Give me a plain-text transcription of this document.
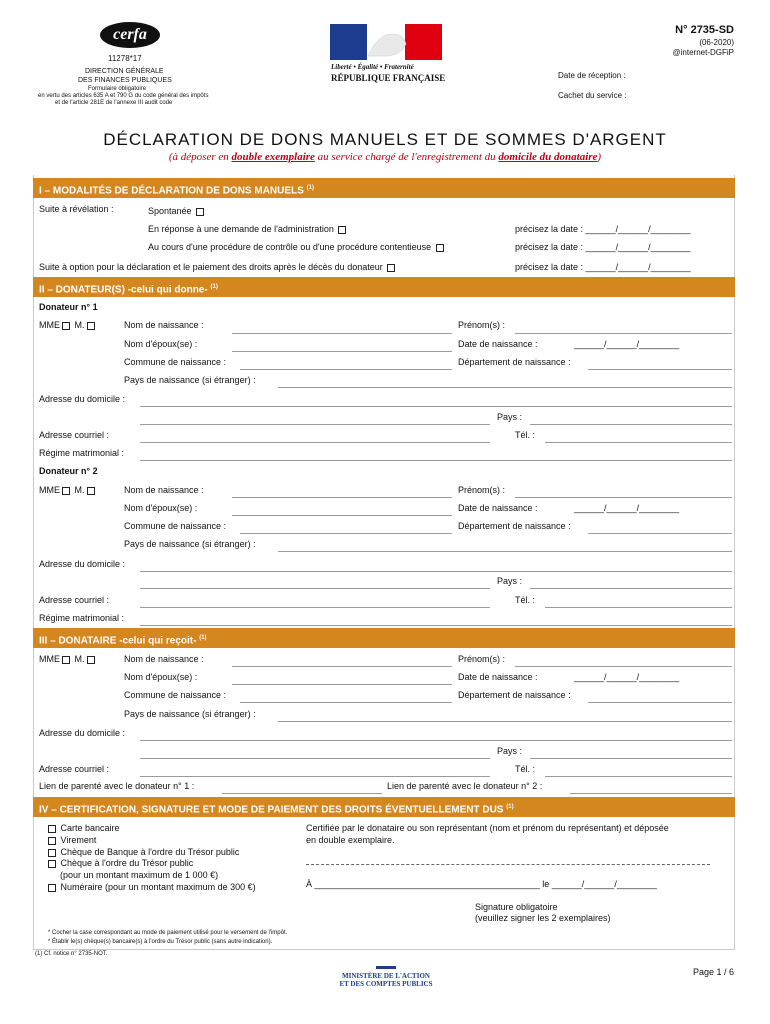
cerfa
11278*17
DIRECTION GÉNÉRALE
DES FINANCES PUBLIQUES
Formulaire obligatoire
en vertu des articles 635 A et 790 G du code général des impôts
et de l'article 281E de l'annexe III audit code
Liberté • Égalité • Fraternité
RÉPUBLIQUE FRANÇAISE
N° 2735-SD
(06-2020)
@internet-DGFiP
Date de réception :
Cachet du service :
DÉCLARATION DE DONS MANUELS ET DE SOMMES D'ARGENT
(à déposer en double exemplaire au service chargé de l'enregistrement du domicile du donataire)
I – MODALITÉS DE DÉCLARATION DE DONS MANUELS $^{(1)}$
Suite à révélation :	Spontanée
En réponse à une demande de l'administration	précisez la date : ______/______/________
Au cours d'une procédure de contrôle ou d'une procédure contentieuse	précisez la date : ______/______/________
Suite à option pour la déclaration et le paiement des droits après le décès du donateur	précisez la date : ______/______/________
II – DONATEUR(S) -celui qui donne- $^{(1)}$
Donateur n° 1
MME M.	Nom de naissance :	Prénom(s) :
Nom d'époux(se) :	Date de naissance :	______/______/________
Commune de naissance :	Département de naissance :
Pays de naissance (si étranger) :
Adresse du domicile :
Pays :
Adresse courriel :	Tél. :
Régime matrimonial :
Donateur n° 2
MME M.	Nom de naissance :	Prénom(s) :
Nom d'époux(se) :	Date de naissance :	______/______/________
Commune de naissance :	Département de naissance :
Pays de naissance (si étranger) :
Adresse du domicile :
Pays :
Adresse courriel :	Tél. :
Régime matrimonial :
III – DONATAIRE -celui qui reçoit- $^{(1)}$
MME M.	Nom de naissance :	Prénom(s) :
Nom d'époux(se) :	Date de naissance :	______/______/________
Commune de naissance :	Département de naissance :
Pays de naissance (si étranger) :
Adresse du domicile :
Pays :
Adresse courriel :	Tél. :
Lien de parenté avec le donateur n° 1 :	Lien de parenté avec le donateur n° 2 :
IV – CERTIFICATION, SIGNATURE ET MODE DE PAIEMENT DES DROITS ÉVENTUELLEMENT DUS $^{(1)}$
Carte bancaire
Virement
Chèque de Banque à l'ordre du Trésor public
Chèque à l'ordre du Trésor public
(pour un montant maximum de 1 000 €)
Numéraire (pour un montant maximum de 300 €)
Certifiée par le donataire ou son représentant (nom et prénom du représentant) et déposée
en double exemplaire.
À _____________________________________________ le ______/______/________
Signature obligatoire
(veuillez signer les 2 exemplaires)
* Cocher la case correspondant au mode de paiement utilisé pour le versement de l'impôt.
* Établir le(s) chèque(s) bancaire(s) à l'ordre du Trésor public (sans autre indication).
(1) Cf. notice n° 2735-NOT.
MINISTÈRE DE L'ACTION
ET DES COMPTES PUBLICS
Page 1 / 6
